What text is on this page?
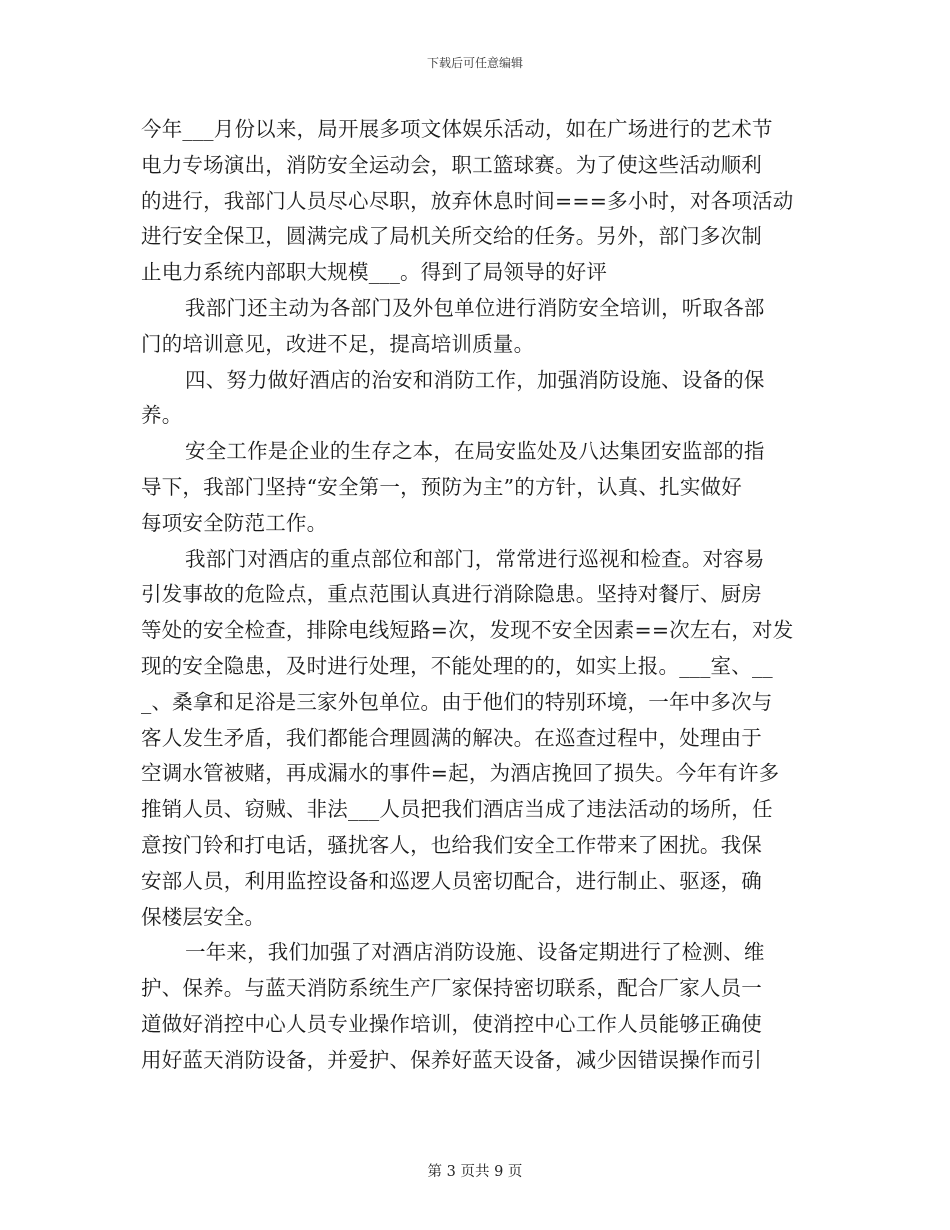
下载后可任意编辑
今年___月份以来，局开展多项文体娱乐活动，如在广场进行的艺术节
电力专场演出，消防安全运动会，职工篮球赛。为了使这些活动顺利
的进行，我部门人员尽心尽职，放弃休息时间===多小时，对各项活动
进行安全保卫，圆满完成了局机关所交给的任务。另外，部门多次制
止电力系统内部职大规模___。得到了局领导的好评
我部门还主动为各部门及外包单位进行消防安全培训，听取各部
门的培训意见，改进不足，提高培训质量。
四、努力做好酒店的治安和消防工作，加强消防设施、设备的保
养。
安全工作是企业的生存之本，在局安监处及八达集团安监部的指
导下，我部门坚持“安全第一，预防为主”的方针，认真、扎实做好
每项安全防范工作。
我部门对酒店的重点部位和部门，常常进行巡视和检查。对容易
引发事故的危险点，重点范围认真进行消除隐患。坚持对餐厅、厨房
等处的安全检查，排除电线短路=次，发现不安全因素==次左右，对发
现的安全隐患，及时进行处理，不能处理的的，如实上报。___室、__
_、桑拿和足浴是三家外包单位。由于他们的特别环境，一年中多次与
客人发生矛盾，我们都能合理圆满的解决。在巡查过程中，处理由于
空调水管被赌，再成漏水的事件=起，为酒店挽回了损失。今年有许多
推销人员、窃贼、非法___人员把我们酒店当成了违法活动的场所，任
意按门铃和打电话，骚扰客人，也给我们安全工作带来了困扰。我保
安部人员，利用监控设备和巡逻人员密切配合，进行制止、驱逐，确
保楼层安全。
一年来，我们加强了对酒店消防设施、设备定期进行了检测、维
护、保养。与蓝天消防系统生产厂家保持密切联系，配合厂家人员一
道做好消控中心人员专业操作培训，使消控中心工作人员能够正确使
用好蓝天消防设备，并爱护、保养好蓝天设备，减少因错误操作而引
第 3 页共 9 页
